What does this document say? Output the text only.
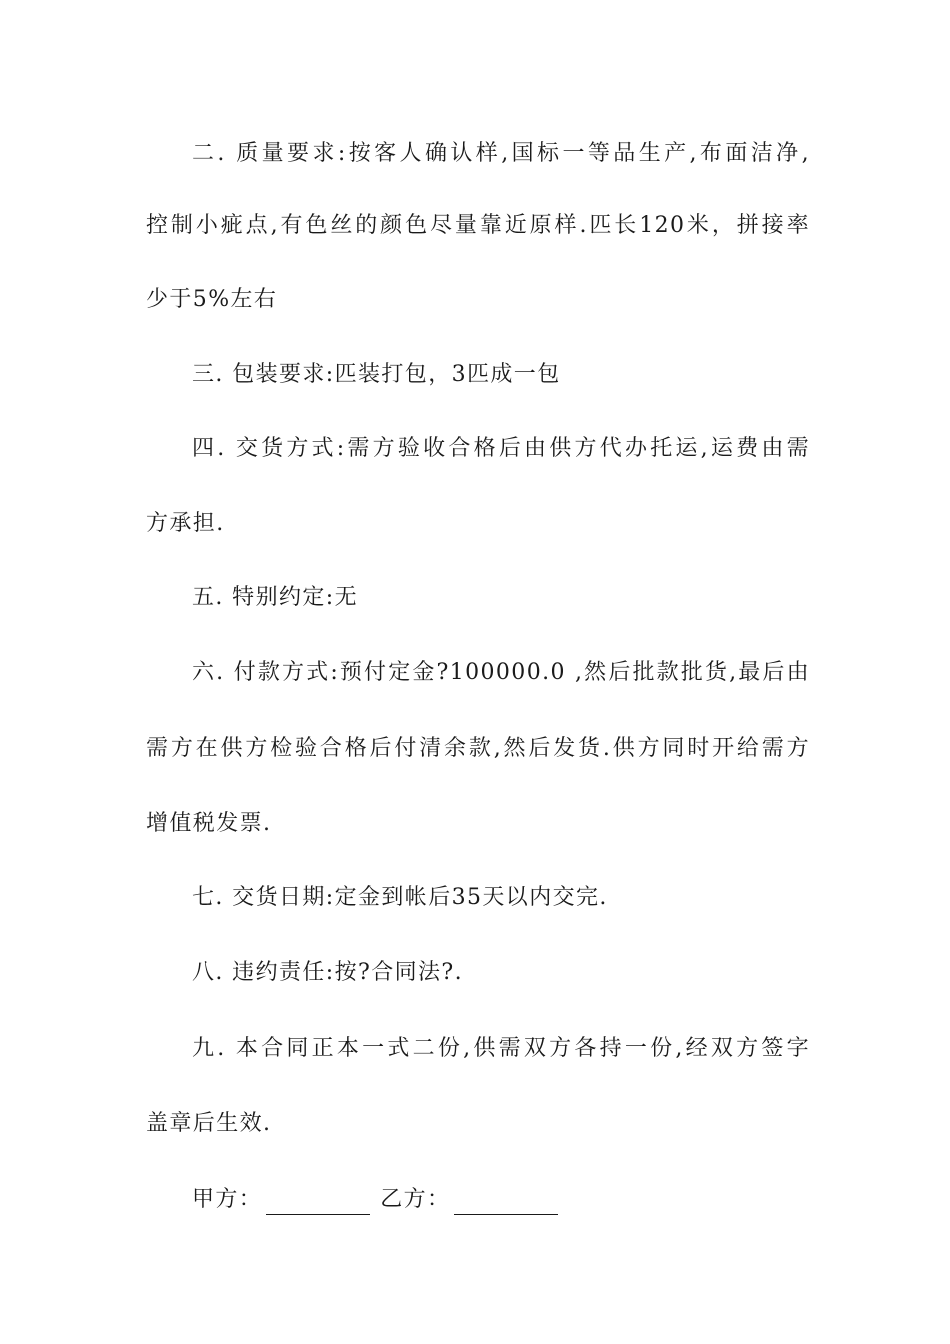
二. 质量要求:按客人确认样,国标一等品生产,布面洁净,
控制小疵点,有色丝的颜色尽量靠近原样.匹长120米，拼接率
少于5%左右
三. 包装要求:匹装打包，3匹成一包
四. 交货方式:需方验收合格后由供方代办托运,运费由需
方承担.
五. 特别约定:无
六. 付款方式:预付定金?100000.0 ,然后批款批货,最后由
需方在供方检验合格后付清余款,然后发货.供方同时开给需方
增值税发票.
七. 交货日期:定金到帐后35天以内交完.
八. 违约责任:按?合同法?.
九. 本合同正本一式二份,供需双方各持一份,经双方签字
盖章后生效.
甲方：	乙方：
